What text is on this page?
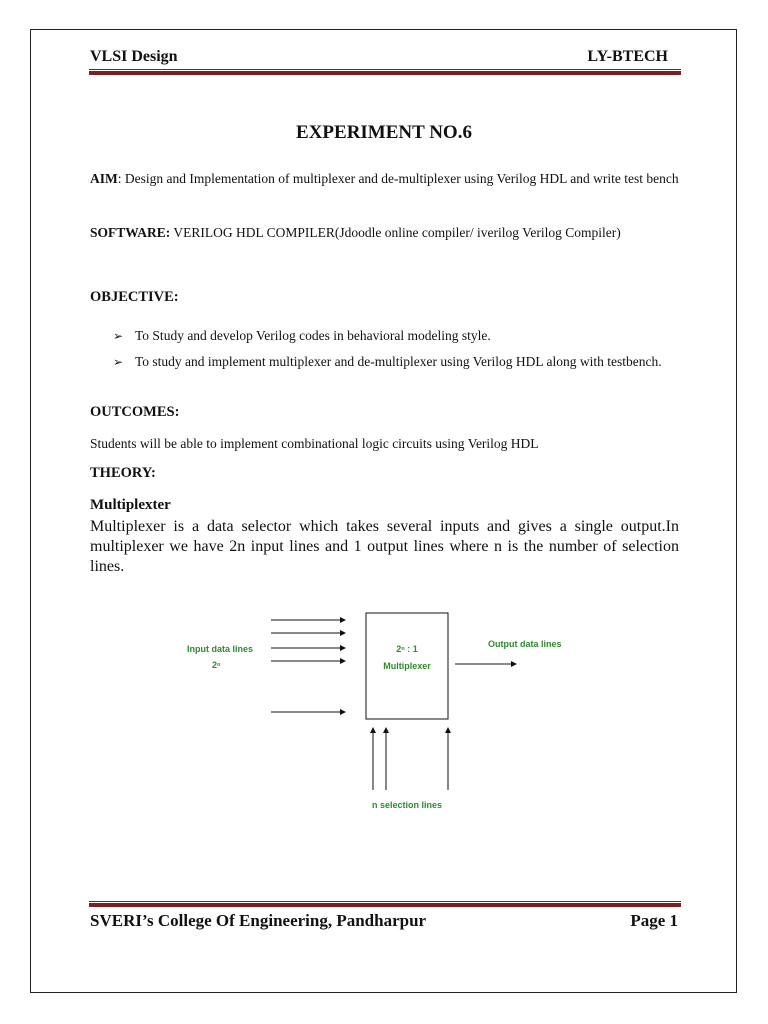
VLSI Design	LY-BTECH
EXPERIMENT NO.6
AIM: Design and Implementation of multiplexer and de-multiplexer using Verilog HDL and write test bench
SOFTWARE: VERILOG HDL COMPILER(Jdoodle online compiler/ iverilog Verilog Compiler)
OBJECTIVE:
➢ To Study and develop Verilog codes in behavioral modeling style.
➢ To study and implement multiplexer and de-multiplexer using Verilog HDL along with testbench.
OUTCOMES:
Students will be able to implement combinational logic circuits using Verilog HDL
THEORY:
Multiplexter
Multiplexer is a data selector which takes several inputs and gives a single output.In multiplexer we have 2n input lines and 1 output lines where n is the number of selection lines.
2ⁿ : 1
Multiplexer
Output data lines
Input data lines
2ⁿ
n selection lines
SVERI’s College Of Engineering, Pandharpur	Page 1
